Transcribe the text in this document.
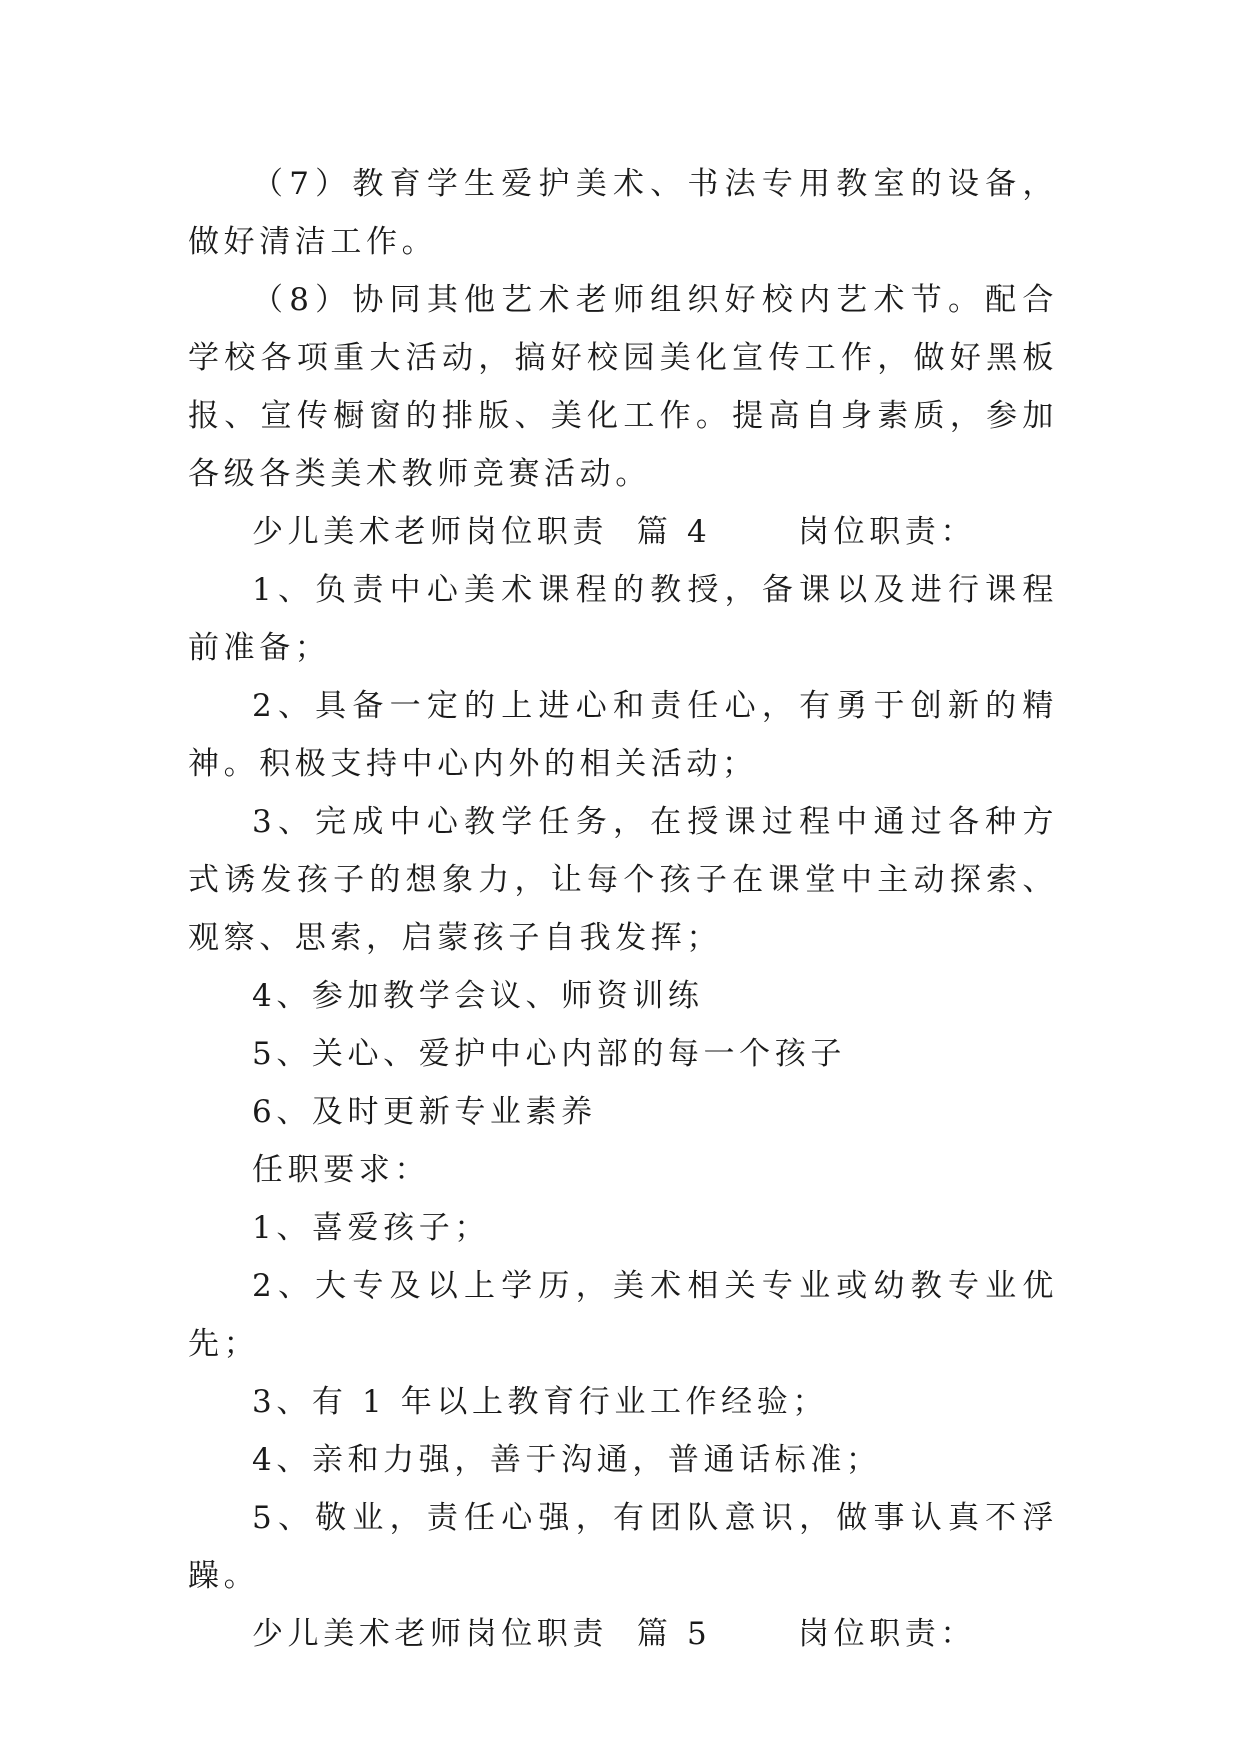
（7）教育学生爱护美术、书法专用教室的设备，做好清洁工作。

（8）协同其他艺术老师组织好校内艺术节。配合学校各项重大活动，搞好校园美化宣传工作，做好黑板报、宣传橱窗的排版、美化工作。提高自身素质，参加各级各类美术教师竞赛活动。

少儿美术老师岗位职责  篇 4      岗位职责：

1、负责中心美术课程的教授，备课以及进行课程前准备；

2、具备一定的上进心和责任心，有勇于创新的精神。积极支持中心内外的相关活动；

3、完成中心教学任务，在授课过程中通过各种方式诱发孩子的想象力，让每个孩子在课堂中主动探索、观察、思索，启蒙孩子自我发挥；

4、参加教学会议、师资训练

5、关心、爱护中心内部的每一个孩子

6、及时更新专业素养

任职要求：

1、喜爱孩子；

2、大专及以上学历，美术相关专业或幼教专业优先；

3、有 1 年以上教育行业工作经验；

4、亲和力强，善于沟通，普通话标准；

5、敬业，责任心强，有团队意识，做事认真不浮躁。

少儿美术老师岗位职责  篇 5      岗位职责：
